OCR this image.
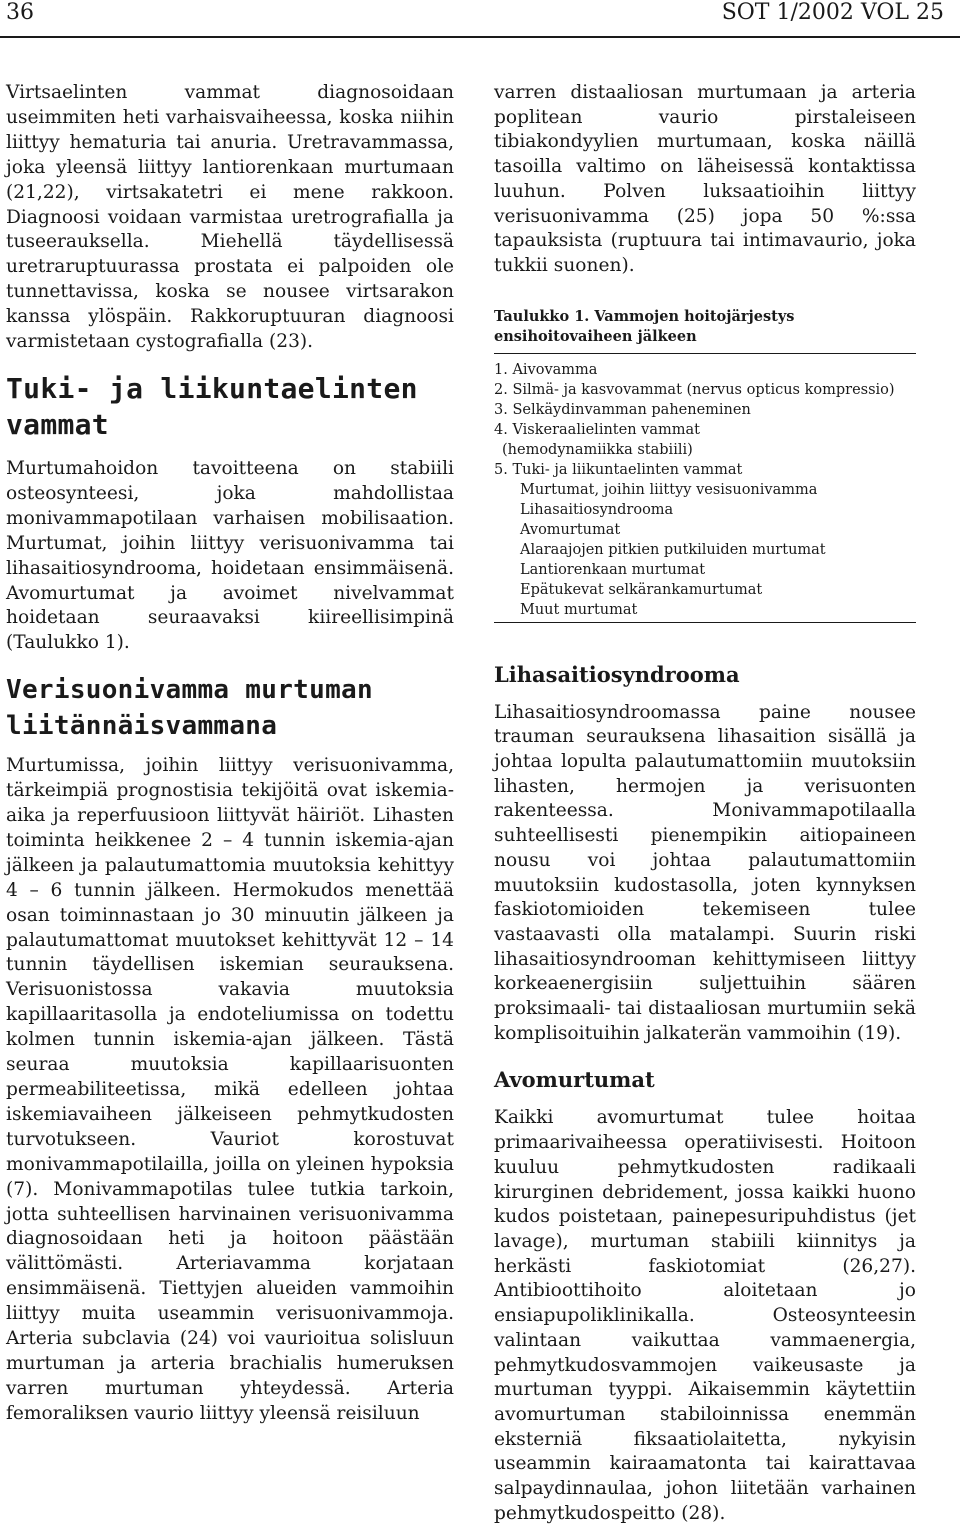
36	SOT 1/2002 VOL 25

Virtsaelinten vammat diagnosoidaan useimmiten heti varhaisvaiheessa, koska niihin liittyy hematuria tai anuria. Uretravammassa, joka yleensä liittyy lantiorenkaan murtumaan (21,22), virtsakatetri ei mene rakkoon. Diagnoosi voidaan varmistaa uretrografialla ja tuseerauksella. Miehellä täydellisessä uretraruptuurassa prostata ei palpoiden ole tunnettavissa, koska se nousee virtsarakon kanssa ylöspäin. Rakkoruptuuran diagnoosi varmistetaan cystografialla (23).

Tuki- ja liikuntaelinten vammat

Murtumahoidon tavoitteena on stabiili osteosynteesi, joka mahdollistaa monivammapotilaan varhaisen mobilisaation. Murtumat, joihin liittyy verisuonivamma tai lihasaitiosyndrooma, hoidetaan ensimmäisenä. Avomurtumat ja avoimet nivelvammat hoidetaan seuraavaksi kiireellisimpinä (Taulukko 1).

Verisuonivamma murtuman liitännäisvammana

Murtumissa, joihin liittyy verisuonivamma, tärkeimpiä prognostisia tekijöitä ovat iskemia-aika ja reperfuusioon liittyvät häiriöt. Lihasten toiminta heikkenee 2 – 4 tunnin iskemia-ajan jälkeen ja palautumattomia muutoksia kehittyy 4 – 6 tunnin jälkeen. Hermokudos menettää osan toiminnastaan jo 30 minuutin jälkeen ja palautumattomat muutokset kehittyvät 12 – 14 tunnin täydellisen iskemian seurauksena. Verisuonistossa vakavia muutoksia kapillaaritasolla ja endoteliumissa on todettu kolmen tunnin iskemia-ajan jälkeen. Tästä seuraa muutoksia kapillaarisuonten permeabiliteetissa, mikä edelleen johtaa iskemiavaiheen jälkeiseen pehmytkudosten turvotukseen. Vauriot korostuvat monivammapotilailla, joilla on yleinen hypoksia (7). Monivammapotilas tulee tutkia tarkoin, jotta suhteellisen harvinainen verisuonivamma diagnosoidaan heti ja hoitoon päästään välittömästi. Arteriavamma korjataan ensimmäisenä. Tiettyjen alueiden vammoihin liittyy muita useammin verisuonivammoja. Arteria subclavia (24) voi vaurioitua solisluun murtuman ja arteria brachialis humeruksen varren murtuman yhteydessä. Arteria femoraliksen vaurio liittyy yleensä reisiluun

varren distaaliosan murtumaan ja arteria poplitean vaurio pirstaleiseen tibiakondyylien murtumaan, koska näillä tasoilla valtimo on läheisessä kontaktissa luuhun. Polven luksaatioihin liittyy verisuonivamma (25) jopa 50 %:ssa tapauksista (ruptuura tai intimavaurio, joka tukkii suonen).

Taulukko 1. Vammojen hoitojärjestys
ensihoitovaiheen jälkeen
1. Aivovamma
2. Silmä- ja kasvovammat (nervus opticus kompressio)
3. Selkäydinvamman paheneminen
4. Viskeraalielinten vammat
(hemodynamiikka stabiili)
5. Tuki- ja liikuntaelinten vammat
Murtumat, joihin liittyy vesisuonivamma
Lihasaitiosyndrooma
Avomurtumat
Alaraajojen pitkien putkiluiden murtumat
Lantiorenkaan murtumat
Epätukevat selkärankamurtumat
Muut murtumat
Lihasaitiosyndrooma

Lihasaitiosyndroomassa paine nousee trauman seurauksena lihasaition sisällä ja johtaa lopulta palautumattomiin muutoksiin lihasten, hermojen ja verisuonten rakenteessa. Monivammapotilaalla suhteellisesti pienempikin aitiopaineen nousu voi johtaa palautumattomiin muutoksiin kudostasolla, joten kynnyksen faskiotomioiden tekemiseen tulee vastaavasti olla matalampi. Suurin riski lihasaitiosyndrooman kehittymiseen liittyy korkeaenergisiin suljettuihin säären proksimaali- tai distaaliosan murtumiin sekä komplisoituihin jalkaterän vammoihin (19).

Avomurtumat

Kaikki avomurtumat tulee hoitaa primaarivaiheessa operatiivisesti. Hoitoon kuuluu pehmytkudosten radikaali kirurginen debridement, jossa kaikki huono kudos poistetaan, painepesuripuhdistus (jet lavage), murtuman stabiili kiinnitys ja herkästi faskiotomiat (26,27). Antibioottihoito aloitetaan jo ensiapupoliklinikalla. Osteosynteesin valintaan vaikuttaa vammaenergia, pehmytkudosvammojen vaikeusaste ja murtuman tyyppi. Aikaisemmin käytettiin avomurtuman stabiloinnissa enemmän eksterniä fiksaatiolaitetta, nykyisin useammin kairaamatonta tai kairattavaa salpaydinnaulaa, johon liitetään varhainen pehmytkudospeitto (28).
